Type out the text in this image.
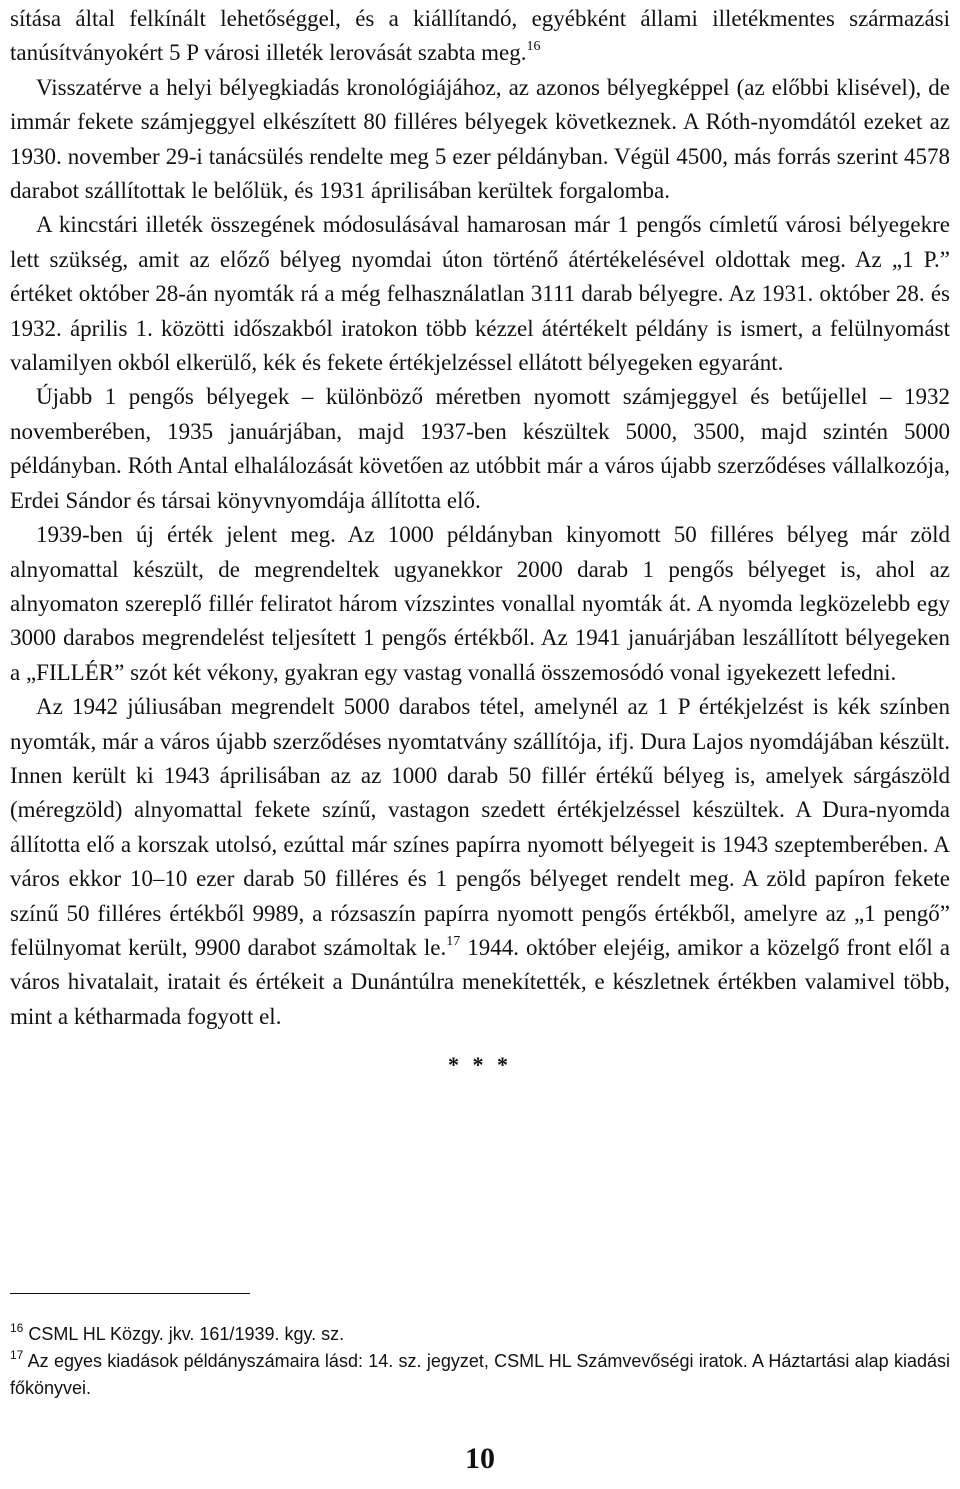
sítása által felkínált lehetőséggel, és a kiállítandó, egyébként állami illetékmentes származási tanúsítványokért 5 P városi illeték lerovását szabta meg.$^{16}$

Visszatérve a helyi bélyegkiadás kronológiájához, az azonos bélyegképpel (az előbbi klisével), de immár fekete számjeggyel elkészített 80 filléres bélyegek következnek. A Róth-nyomdától ezeket az 1930. november 29-i tanácsülés rendelte meg 5 ezer példányban. Végül 4500, más forrás szerint 4578 darabot szállítottak le belőlük, és 1931 áprilisában kerültek forgalomba.

A kincstári illeték összegének módosulásával hamarosan már 1 pengős címletű városi bélyegekre lett szükség, amit az előző bélyeg nyomdai úton történő átértékelésével oldottak meg. Az „1 P.” értéket október 28-án nyomták rá a még felhasználatlan 3111 darab bélyegre. Az 1931. október 28. és 1932. április 1. közötti időszakból iratokon több kézzel átértékelt példány is ismert, a felülnyomást valamilyen okból elkerülő, kék és fekete értékjelzéssel ellátott bélyegeken egyaránt.

Újabb 1 pengős bélyegek – különböző méretben nyomott számjeggyel és betűjellel – 1932 novemberében, 1935 januárjában, majd 1937-ben készültek 5000, 3500, majd szintén 5000 példányban. Róth Antal elhalálozását követően az utóbbit már a város újabb szerződéses vállalkozója, Erdei Sándor és társai könyvnyomdája állította elő.

1939-ben új érték jelent meg. Az 1000 példányban kinyomott 50 filléres bélyeg már zöld alnyomattal készült, de megrendeltek ugyanekkor 2000 darab 1 pengős bélyeget is, ahol az alnyomaton szereplő fillér feliratot három vízszintes vonallal nyomták át. A nyomda legközelebb egy 3000 darabos megrendelést teljesített 1 pengős értékből. Az 1941 januárjában leszállított bélyegeken a „FILLÉR” szót két vékony, gyakran egy vastag vonallá összemosódó vonal igyekezett lefedni.

Az 1942 júliusában megrendelt 5000 darabos tétel, amelynél az 1 P értékjelzést is kék színben nyomták, már a város újabb szerződéses nyomtatvány szállítója, ifj. Dura Lajos nyomdájában készült. Innen került ki 1943 áprilisában az az 1000 darab 50 fillér értékű bélyeg is, amelyek sárgászöld (méregzöld) alnyomattal fekete színű, vastagon szedett értékjelzéssel készültek. A Dura-nyomda állította elő a korszak utolsó, ezúttal már színes papírra nyomott bélyegeit is 1943 szeptemberében. A város ekkor 10–10 ezer darab 50 filléres és 1 pengős bélyeget rendelt meg. A zöld papíron fekete színű 50 filléres értékből 9989, a rózsaszín papírra nyomott pengős értékből, amelyre az „1 pengő” felülnyomat került, 9900 darabot számoltak le.$^{17}$ 1944. október elejéig, amikor a közelgő front elől a város hivatalait, iratait és értékeit a Dunántúlra menekítették, e készletnek értékben valamivel több, mint a kétharmada fogyott el.

* * *

$^{16}$ CSML HL Közgy. jkv. 161/1939. kgy. sz.

$^{17}$ Az egyes kiadások példányszámaira lásd: 14. sz. jegyzet, CSML HL Számvevőségi iratok. A Háztartási alap kiadási főkönyvei.

10
